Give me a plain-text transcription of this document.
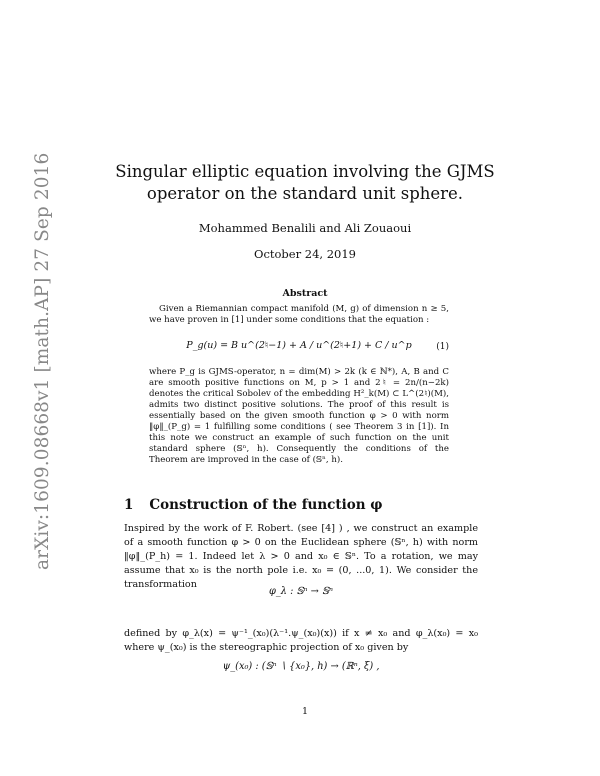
arXiv:1609.08668v1 [math.AP] 27 Sep 2016	Singular elliptic equation involving the GJMS
operator on the standard unit sphere.
Mohammed Benalili and Ali Zouaoui
October 24, 2019
Abstract
Given a Riemannian compact manifold (M, g) of dimension n ≥ 5, we have proven in [1] under some conditions that the equation :
P_g(u) = B u^(2♮−1) + A / u^(2♮+1) + C / u^p	(1)
where P_g is GJMS-operator, n = dim(M) > 2k (k ∈ ℕ*), A, B and C are smooth positive functions on M, p > 1 and 2♮ = 2n/(n−2k) denotes the critical Sobolev of the embedding H²_k(M) ⊂ L^(2♮)(M), admits two distinct positive solutions. The proof of this result is essentially based on the given smooth function φ > 0 with norm ‖φ‖_(P_g) = 1 fulfilling some conditions ( see Theorem 3 in [1]). In this note we construct an example of such function on the unit standard sphere (𝕊ⁿ, h). Consequently the conditions of the Theorem are improved in the case of (𝕊ⁿ, h).
1 Construction of the function φ
Inspired by the work of F. Robert. (see [4] ) , we construct an example of a smooth function φ > 0 on the Euclidean sphere (𝕊ⁿ, h) with norm ‖φ‖_(P_h) = 1. Indeed let λ > 0 and x₀ ∈ 𝕊ⁿ. To a rotation, we may assume that x₀ is the north pole i.e. x₀ = (0, ...0, 1). We consider the transformation
φ_λ : 𝕊ⁿ → 𝕊ⁿ
defined by φ_λ(x) = ψ⁻¹_(x₀)(λ⁻¹.ψ_(x₀)(x)) if x ≠ x₀ and φ_λ(x₀) = x₀ where ψ_(x₀) is the stereographic projection of x₀ given by
ψ_(x₀) : (𝕊ⁿ ∖ {x₀}, h) → (ℝⁿ, ξ) ,
1
